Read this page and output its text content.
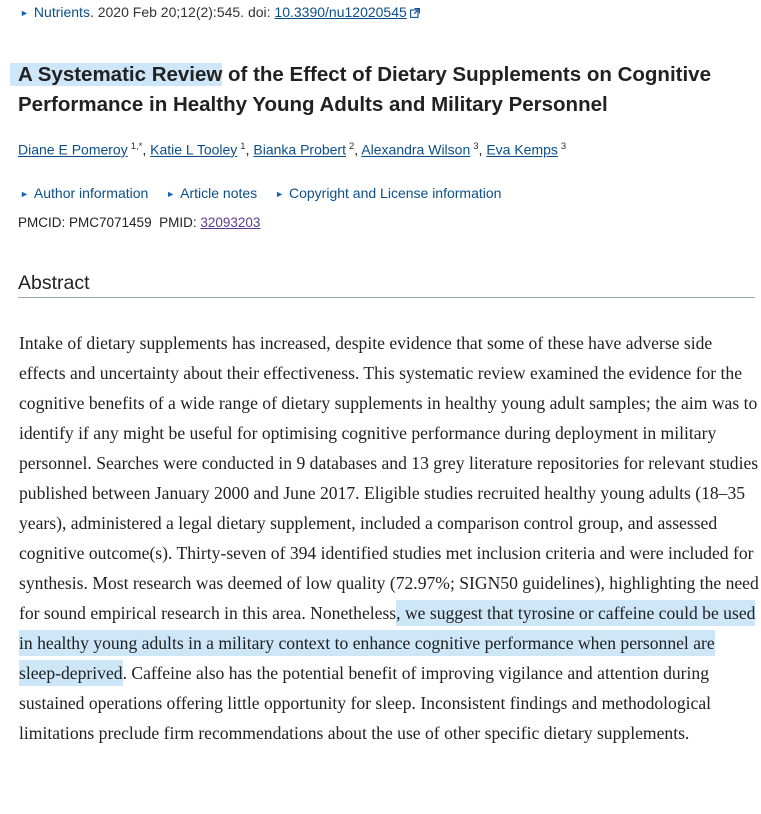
► Nutrients. 2020 Feb 20;12(2):545. doi: 10.3390/nu12020545
A Systematic Review of the Effect of Dietary Supplements on Cognitive Performance in Healthy Young Adults and Military Personnel
Diane E Pomeroy $^{1,*}$, Katie L Tooley $^1$, Bianka Probert $^2$, Alexandra Wilson $^3$, Eva Kemps $^3$
► Author information ► Article notes ► Copyright and License information
PMCID: PMC7071459 PMID: 32093203
Abstract

Intake of dietary supplements has increased, despite evidence that some of these have adverse side effects and uncertainty about their effectiveness. This systematic review examined the evidence for the cognitive benefits of a wide range of dietary supplements in healthy young adult samples; the aim was to identify if any might be useful for optimising cognitive performance during deployment in military personnel. Searches were conducted in 9 databases and 13 grey literature repositories for relevant studies published between January 2000 and June 2017. Eligible studies recruited healthy young adults (18–35 years), administered a legal dietary supplement, included a comparison control group, and assessed cognitive outcome(s). Thirty-seven of 394 identified studies met inclusion criteria and were included for synthesis. Most research was deemed of low quality (72.97%; SIGN50 guidelines), highlighting the need for sound empirical research in this area. Nonetheless, we suggest that tyrosine or caffeine could be used in healthy young adults in a military context to enhance cognitive performance when personnel are sleep-deprived. Caffeine also has the potential benefit of improving vigilance and attention during sustained operations offering little opportunity for sleep. Inconsistent findings and methodological limitations preclude firm recommendations about the use of other specific dietary supplements.
